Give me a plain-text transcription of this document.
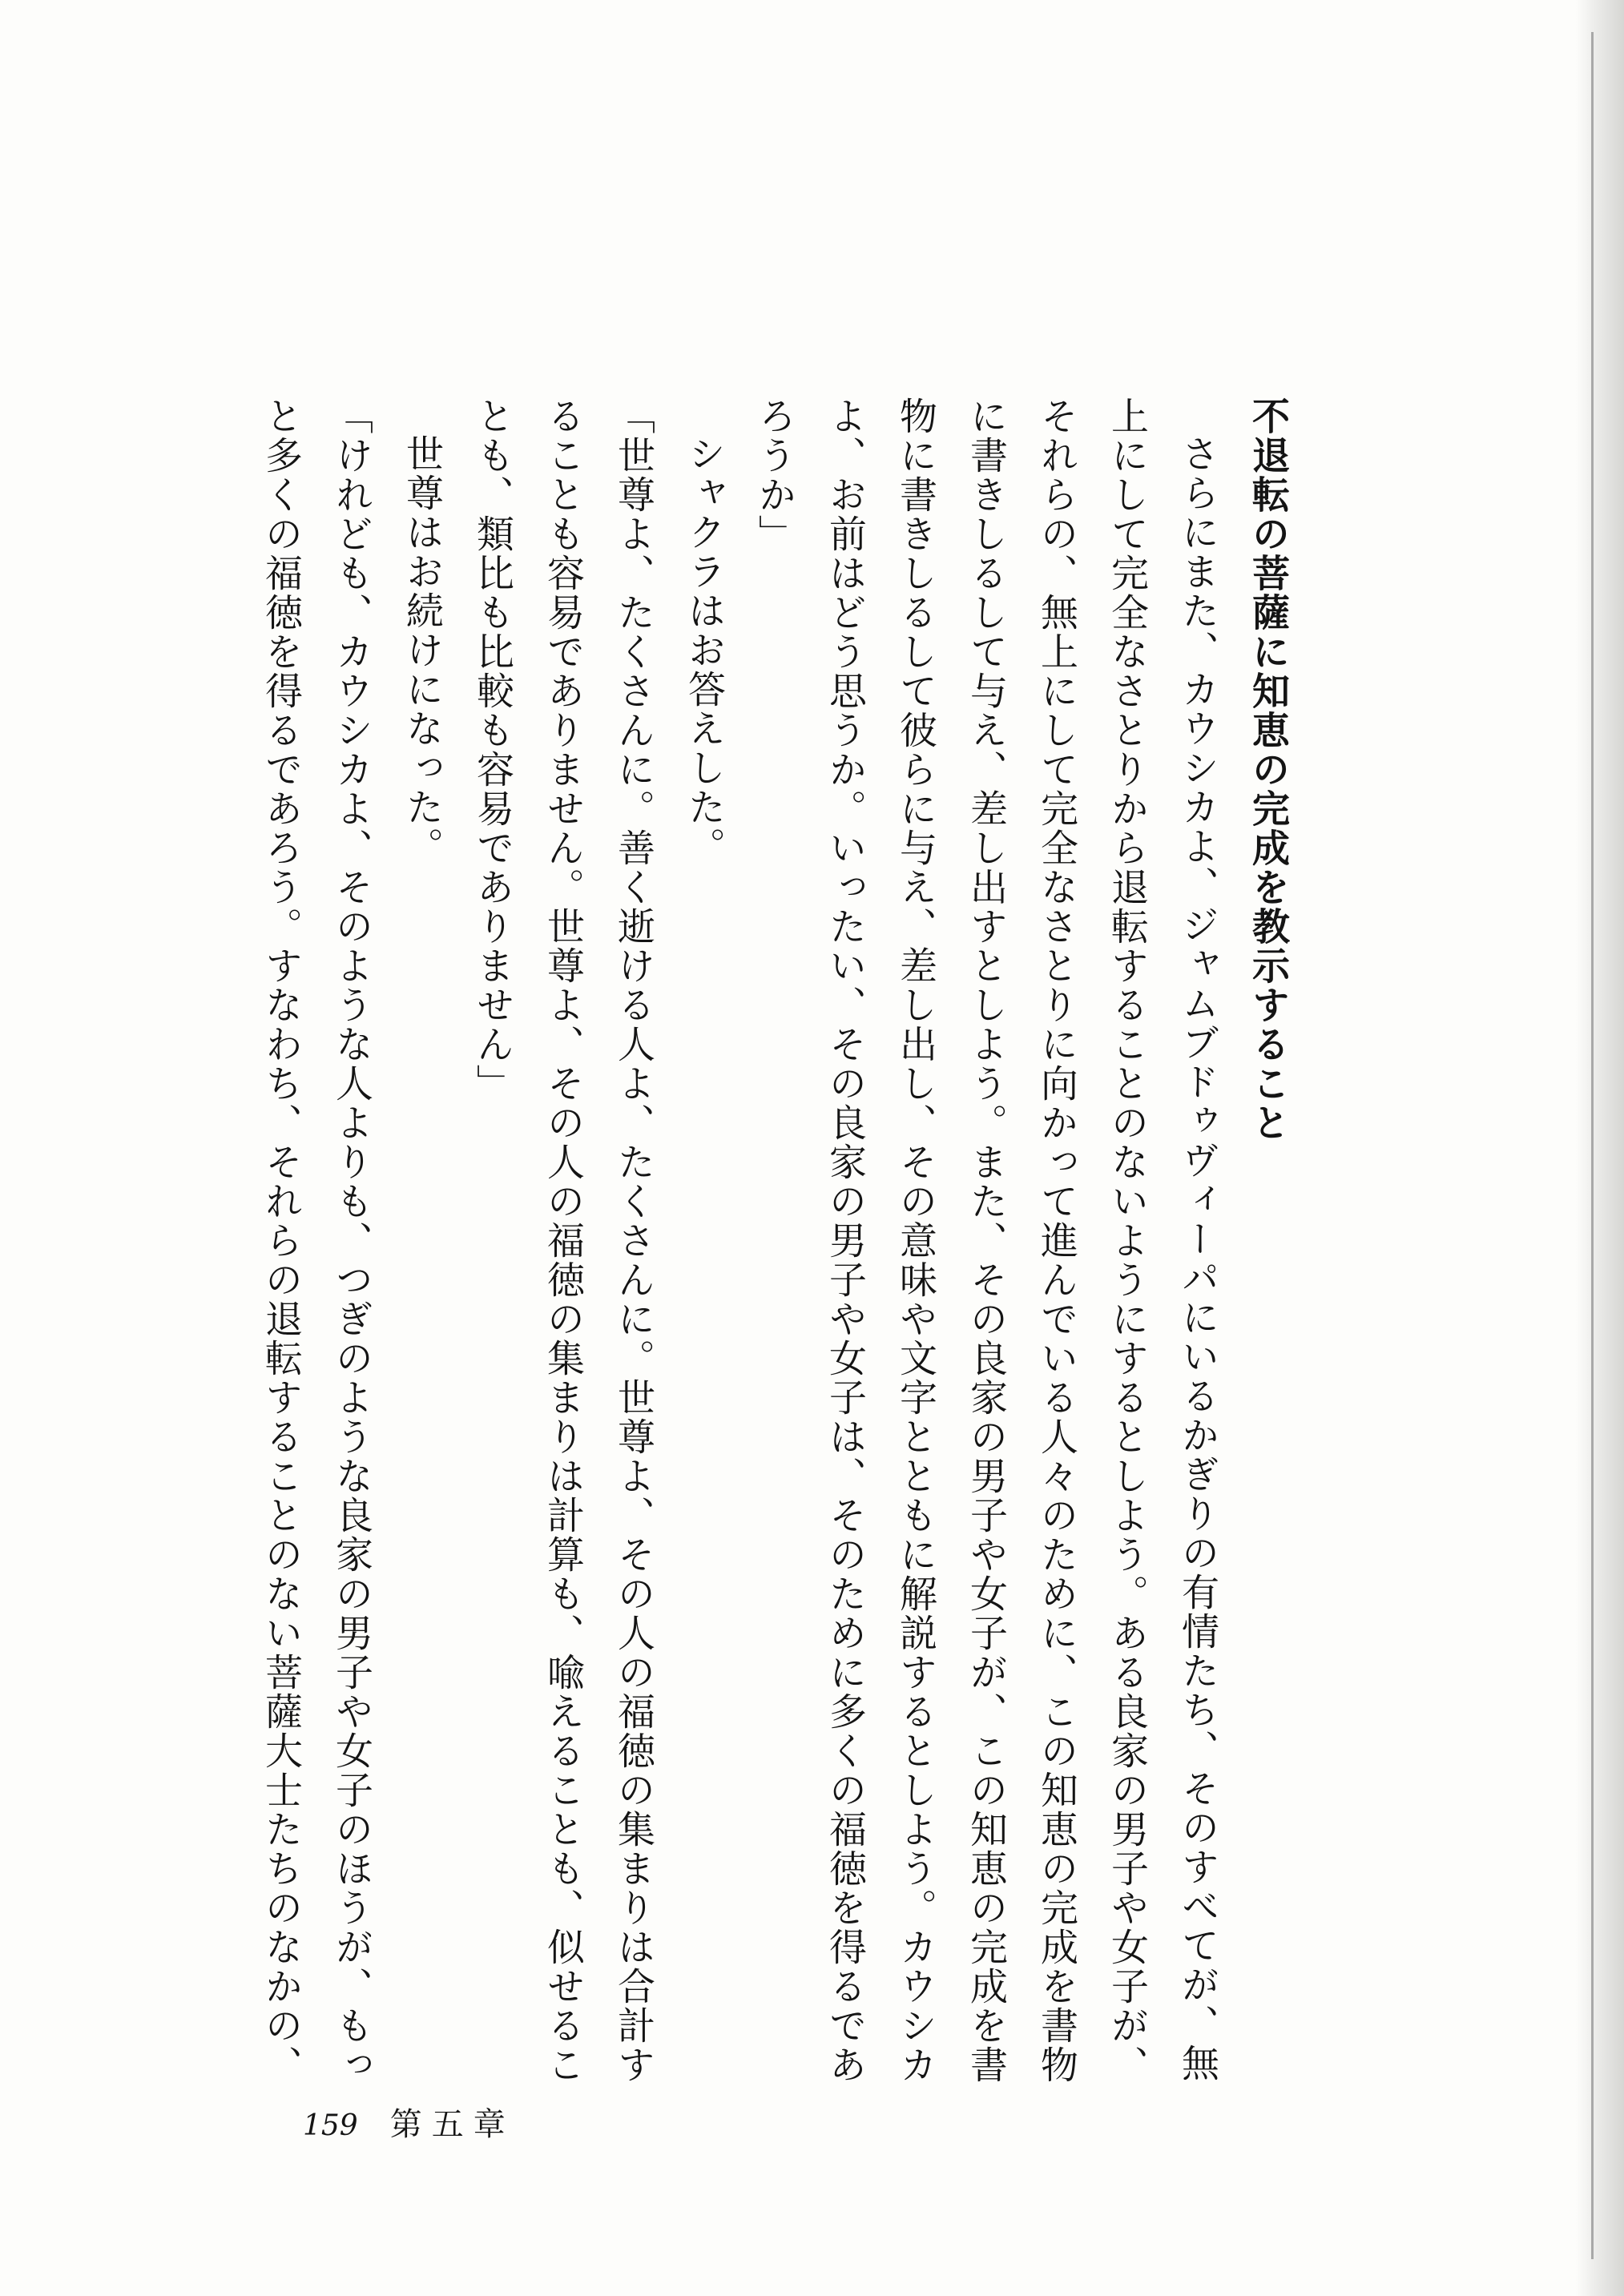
不退転の菩薩に知恵の完成を教示すること

さらにまた、カウシカよ、ジャムブドゥヴィーパにいるかぎりの有情たち、そのすべてが、無上にして完全なさとりから退転することのないようにするとしよう。ある良家の男子や女子が、それらの、無上にして完全なさとりに向かって進んでいる人々のために、この知恵の完成を書物に書きしるして与え、差し出すとしよう。また、その良家の男子や女子が、この知恵の完成を書物に書きしるして彼らに与え、差し出し、その意味や文字とともに解説するとしよう。カウシカよ、お前はどう思うか。いったい、その良家の男子や女子は、そのために多くの福徳を得るであろうか」

シャクラはお答えした。

「世尊よ、たくさんに。善く逝ける人よ、たくさんに。世尊よ、その人の福徳の集まりは合計することも容易でありません。世尊よ、その人の福徳の集まりは計算も、喩えることも、似せることも、類比も比較も容易でありません」

世尊はお続けになった。

「けれども、カウシカよ、そのような人よりも、つぎのような良家の男子や女子のほうが、もっと多くの福徳を得るであろう。すなわち、それらの退転することのない菩薩大士たちのなかの、

159 第五章
